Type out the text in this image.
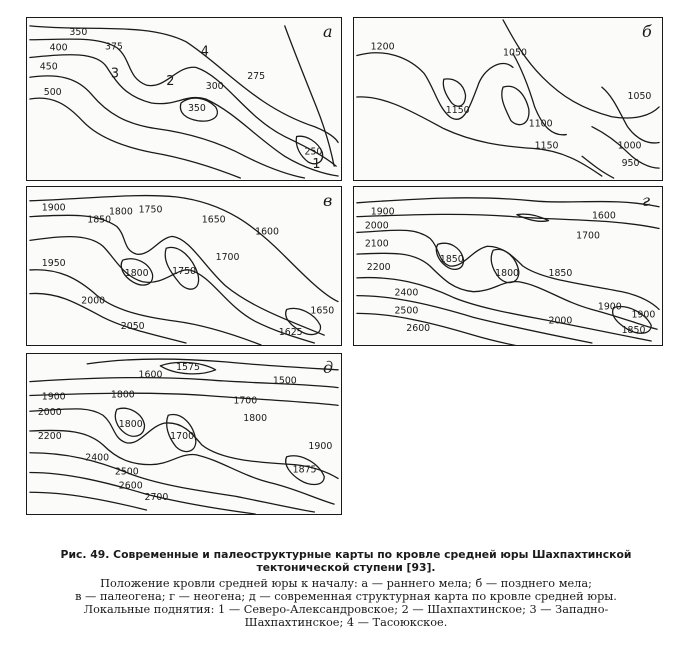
350
400	375
450
500
300
275
350
250
3
2
4
1
а
1200
1050
1150
1100
1150
1050
1000
950
б
1900
1850
1800 1750
1650
1600
1950
1800 1750
1700
2000
2050
1650
1625
в
1900
2000
2100
2200
1850
1800
1600
1700
1850
2400
2500
2600
2000
1900
1900
1850
г
1575
1600
1500
1900	1800
1700
2000
2200
1800
1700
1800
2400
2500
2600
2700
1900
1875
д
Рис. 49. Современные и палеоструктурные карты по кровле средней юры Шахпахтинской тектонической ступени [93].
Положение кровли средней юры к началу: а — раннего мела; б — позднего мела;
в — палеогена; г — неогена; д — современная структурная карта по кровле средней юры.
Локальные поднятия: 1 — Северо-Александровское; 2 — Шахпахтинское; 3 — Западно-
Шахпахтинское; 4 — Тасоюкское.
